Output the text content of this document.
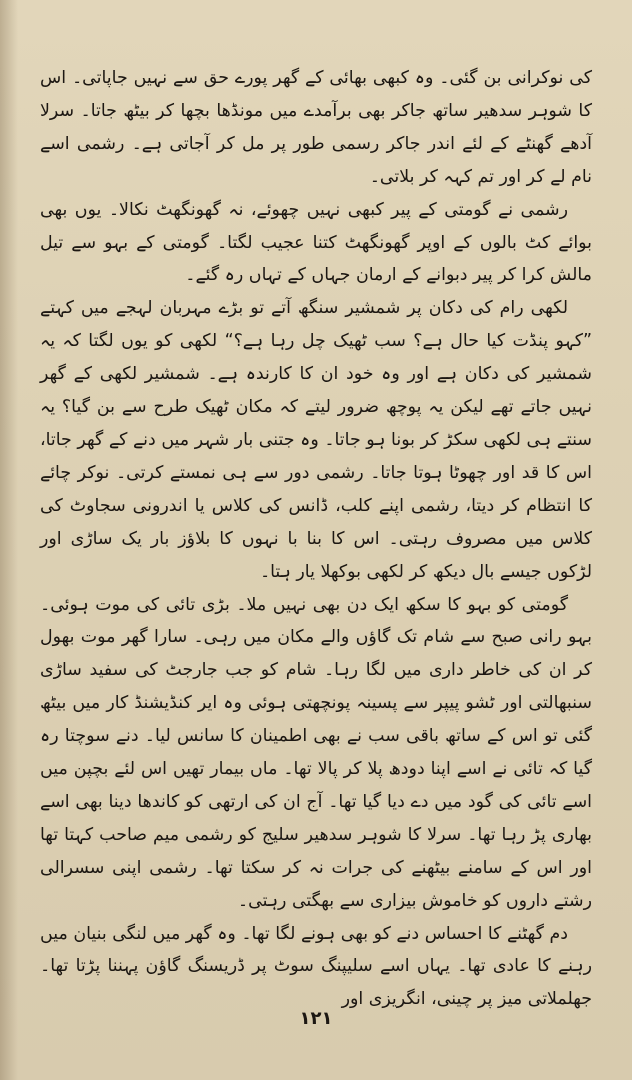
کی نوکرانی بن گئی۔ وہ کبھی بھائی کے گھر پورے حق سے نہیں جاپاتی۔ اس کا شوہر سدھیر ساتھ جاکر بھی برآمدے میں مونڈھا بچھا کر بیٹھ جاتا۔ سرلا آدھے گھنٹے کے لئے اندر جاکر رسمی طور پر مل کر آجاتی ہے۔ رشمی اسے نام لے کر اور تم کہہ کر بلاتی۔

رشمی نے گومتی کے پیر کبھی نہیں چھوئے، نہ گھونگھٹ نکالا۔ یوں بھی بوائے کٹ بالوں کے اوپر گھونگھٹ کتنا عجیب لگتا۔ گومتی کے بہو سے تیل مالش کرا کر پیر دبوانے کے ارمان جہاں کے تہاں رہ گئے۔

لکھی رام کی دکان پر شمشیر سنگھ آتے تو بڑے مہربان لہجے میں کہتے ”کہو پنڈت کیا حال ہے؟ سب ٹھیک چل رہا ہے؟“ لکھی کو یوں لگتا کہ یہ شمشیر کی دکان ہے اور وہ خود ان کا کارندہ ہے۔ شمشیر لکھی کے گھر نہیں جاتے تھے لیکن یہ پوچھ ضرور لیتے کہ مکان ٹھیک طرح سے بن گیا؟ یہ سنتے ہی لکھی سکڑ کر بونا ہو جاتا۔ وہ جتنی بار شہر میں دنے کے گھر جاتا، اس کا قد اور چھوٹا ہوتا جاتا۔ رشمی دور سے ہی نمستے کرتی۔ نوکر چائے کا انتظام کر دیتا، رشمی اپنے کلب، ڈانس کی کلاس یا اندرونی سجاوٹ کی کلاس میں مصروف رہتی۔ اس کا بنا با نہوں کا بلاؤز بار یک ساڑی اور لڑکوں جیسے بال دیکھ کر لکھی بوکھلا یار ہتا۔

گومتی کو بہو کا سکھ ایک دن بھی نہیں ملا۔ بڑی تائی کی موت ہوئی۔ بہو رانی صبح سے شام تک گاؤں والے مکان میں رہی۔ سارا گھر موت بھول کر ان کی خاطر داری میں لگا رہا۔ شام کو جب جارجٹ کی سفید ساڑی سنبھالتی اور ٹشو پیپر سے پسینہ پونچھتی ہوئی وہ ایر کنڈیشنڈ کار میں بیٹھ گئی تو اس کے ساتھ باقی سب نے بھی اطمینان کا سانس لیا۔ دنے سوچتا رہ گیا کہ تائی نے اسے اپنا دودھ پلا کر پالا تھا۔ ماں بیمار تھیں اس لئے بچپن میں اسے تائی کی گود میں دے دیا گیا تھا۔ آج ان کی ارتھی کو کاندھا دینا بھی اسے بھاری پڑ رہا تھا۔ سرلا کا شوہر سدھیر سلیج کو رشمی میم صاحب کہتا تھا اور اس کے سامنے بیٹھنے کی جرات نہ کر سکتا تھا۔ رشمی اپنی سسرالی رشتے داروں کو خاموش بیزاری سے بھگتی رہتی۔

دم گھٹنے کا احساس دنے کو بھی ہونے لگا تھا۔ وہ گھر میں لنگی بنیان میں رہنے کا عادی تھا۔ یہاں اسے سلیپنگ سوٹ پر ڈریسنگ گاؤن پہننا پڑتا تھا۔ جھلملاتی میز پر چینی، انگریزی اور

۱۲۱
